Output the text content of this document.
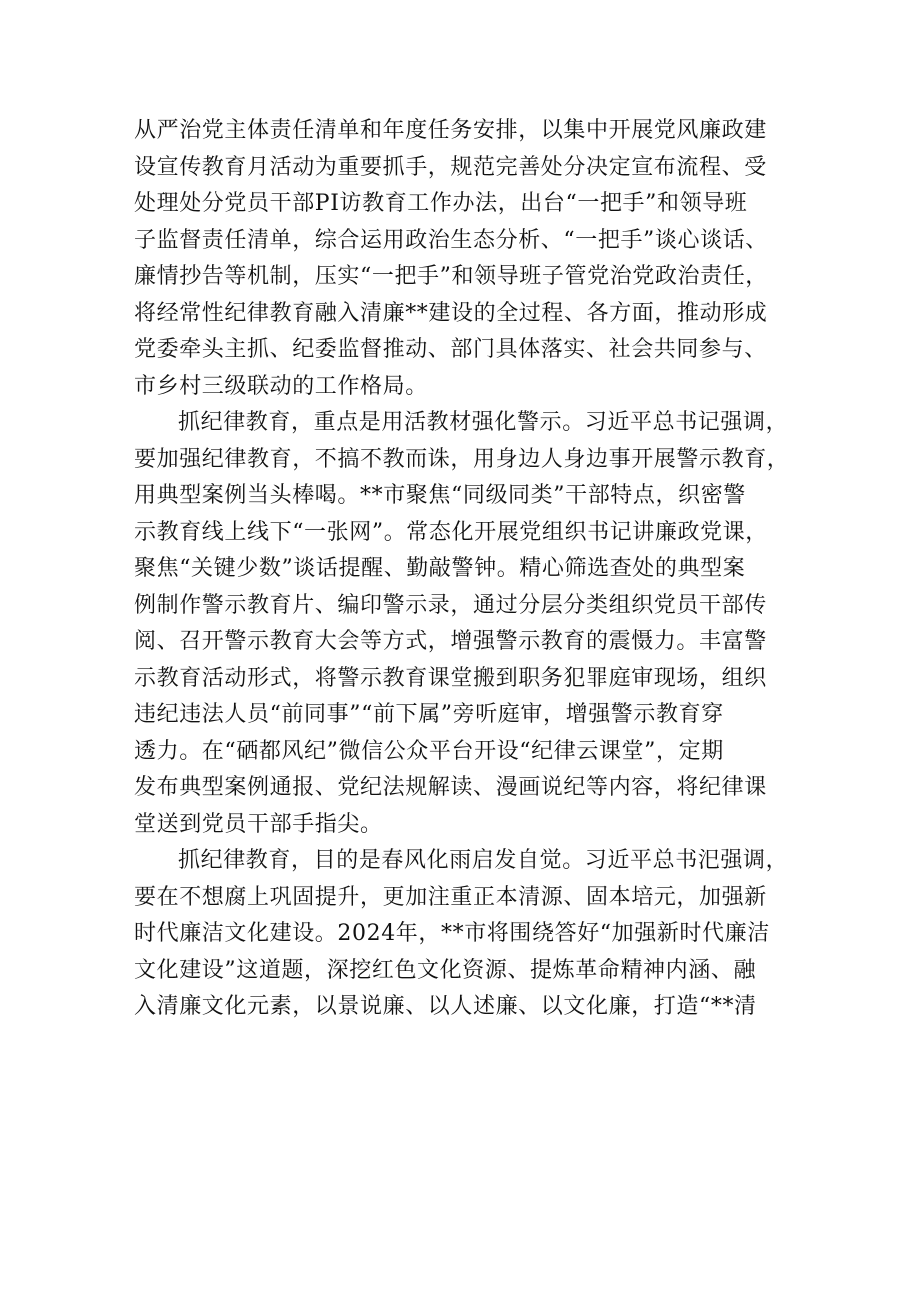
从严治党主体责任清单和年度任务安排，以集中开展党风廉政建
设宣传教育月活动为重要抓手，规范完善处分决定宣布流程、受
处理处分党员干部PI访教育工作办法，出台“一把手”和领导班
子监督责任清单，综合运用政治生态分析、“一把手”谈心谈话、
廉情抄告等机制，压实“一把手”和领导班子管党治党政治责任，
将经常性纪律教育融入清廉**建设的全过程、各方面，推动形成
党委牵头主抓、纪委监督推动、部门具体落实、社会共同参与、
市乡村三级联动的工作格局。
抓纪律教育，重点是用活教材强化警示。习近平总书记强调，
要加强纪律教育，不搞不教而诛，用身边人身边事开展警示教育，
用典型案例当头棒喝。**市聚焦“同级同类”干部特点，织密警
示教育线上线下“一张网”。常态化开展党组织书记讲廉政党课，
聚焦“关键少数”谈话提醒、勤敲警钟。精心筛选查处的典型案
例制作警示教育片、编印警示录，通过分层分类组织党员干部传
阅、召开警示教育大会等方式，增强警示教育的震慑力。丰富警
示教育活动形式，将警示教育课堂搬到职务犯罪庭审现场，组织
违纪违法人员“前同事”“前下属”旁听庭审，增强警示教育穿
透力。在“硒都风纪”微信公众平台开设“纪律云课堂”，定期
发布典型案例通报、党纪法规解读、漫画说纪等内容，将纪律课
堂送到党员干部手指尖。
抓纪律教育，目的是春风化雨启发自觉。习近平总书汜强调，
要在不想腐上巩固提升，更加注重正本清源、固本培元，加强新
时代廉洁文化建设。2024年，**市将围绕答好“加强新时代廉洁
文化建设”这道题，深挖红色文化资源、提炼革命精神内涵、融
入清廉文化元素，以景说廉、以人述廉、以文化廉，打造“**清
